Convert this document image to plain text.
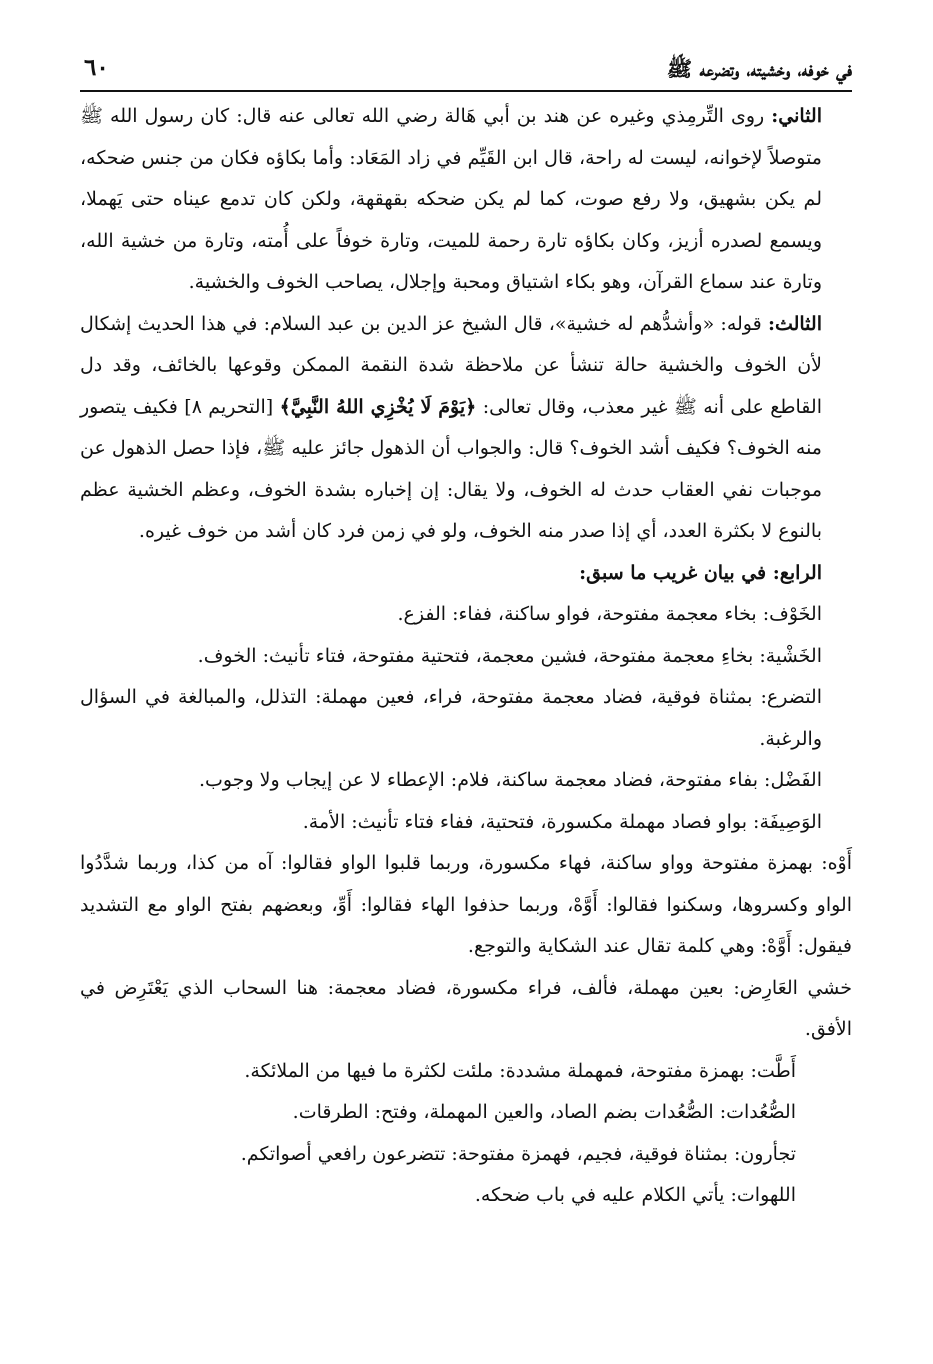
في خوفه، وخشيته، وتضرعه ﷺ
٦٠

الثاني: روى التِّرمِذي وغيره عن هند بن أبي هَالة رضي الله تعالى عنه قال: كان رسول الله ﷺ متوصلاً لإخوانه، ليست له راحة، قال ابن القَيِّم في زاد المَعَاد: وأما بكاؤه فكان من جنس ضحكه، لم يكن بشهيق، ولا رفع صوت، كما لم يكن ضحكه بقهقهة، ولكن كان تدمع عيناه حتى يَهملا، ويسمع لصدره أزيز، وكان بكاؤه تارة رحمة للميت، وتارة خوفاً على أُمته، وتارة من خشية الله، وتارة عند سماع القرآن، وهو بكاء اشتياق ومحبة وإجلال، يصاحب الخوف والخشية.

الثالث: قوله: «وأشدُّهم له خشية»، قال الشيخ عز الدين بن عبد السلام: في هذا الحديث إشكال لأن الخوف والخشية حالة تنشأ عن ملاحظة شدة النقمة الممكن وقوعها بالخائف، وقد دل القاطع على أنه ﷺ غير معذب، وقال تعالى: ﴿يَوْمَ لَا يُخْزِي اللهُ النَّبِيَّ﴾ [التحريم ٨] فكيف يتصور منه الخوف؟ فكيف أشد الخوف؟ قال: والجواب أن الذهول جائز عليه ﷺ، فإذا حصل الذهول عن موجبات نفي العقاب حدث له الخوف، ولا يقال: إن إخباره بشدة الخوف، وعظم الخشية عظم بالنوع لا بكثرة العدد، أي إذا صدر منه الخوف، ولو في زمن فرد كان أشد من خوف غيره.

الرابع: في بيان غريب ما سبق:

الخَوْف: بخاء معجمة مفتوحة، فواو ساكنة، ففاء: الفزع.

الخَشْية: بخاءِ معجمة مفتوحة، فشين معجمة، فتحتية مفتوحة، فتاء تأنيث: الخوف.

التضرع: بمثناة فوقية، فضاد معجمة مفتوحة، فراء، فعين مهملة: التذلل، والمبالغة في السؤال والرغبة.

الفَضْل: بفاء مفتوحة، فضاد معجمة ساكنة، فلام: الإعطاء لا عن إيجاب ولا وجوب.

الوَصِيفَة: بواو فصاد مهملة مكسورة، فتحتية، ففاء فتاء تأنيث: الأمة.

أَوْه: بهمزة مفتوحة وواو ساكنة، فهاء مكسورة، وربما قلبوا الواو فقالوا: آه من كذا، وربما شدَّدُوا الواو وكسروها، وسكنوا فقالوا: أَوَّهْ، وربما حذفوا الهاء فقالوا: أَوِّ، وبعضهم بفتح الواو مع التشديد فيقول: أَوَّهْ: وهي كلمة تقال عند الشكاية والتوجع.

خشي العَارِض: بعين مهملة، فألف، فراء مكسورة، فضاد معجمة: هنا السحاب الذي يَعْتَرِض في الأفق.

أَطَّت: بهمزة مفتوحة، فمهملة مشددة: ملئت لكثرة ما فيها من الملائكة.

الصُّعُدات: الصُّعُدات بضم الصاد، والعين المهملة، وفتح: الطرقات.

تجأرون: بمثناة فوقية، فجيم، فهمزة مفتوحة: تتضرعون رافعي أصواتكم.

اللهوات: يأتي الكلام عليه في باب ضحكه.
